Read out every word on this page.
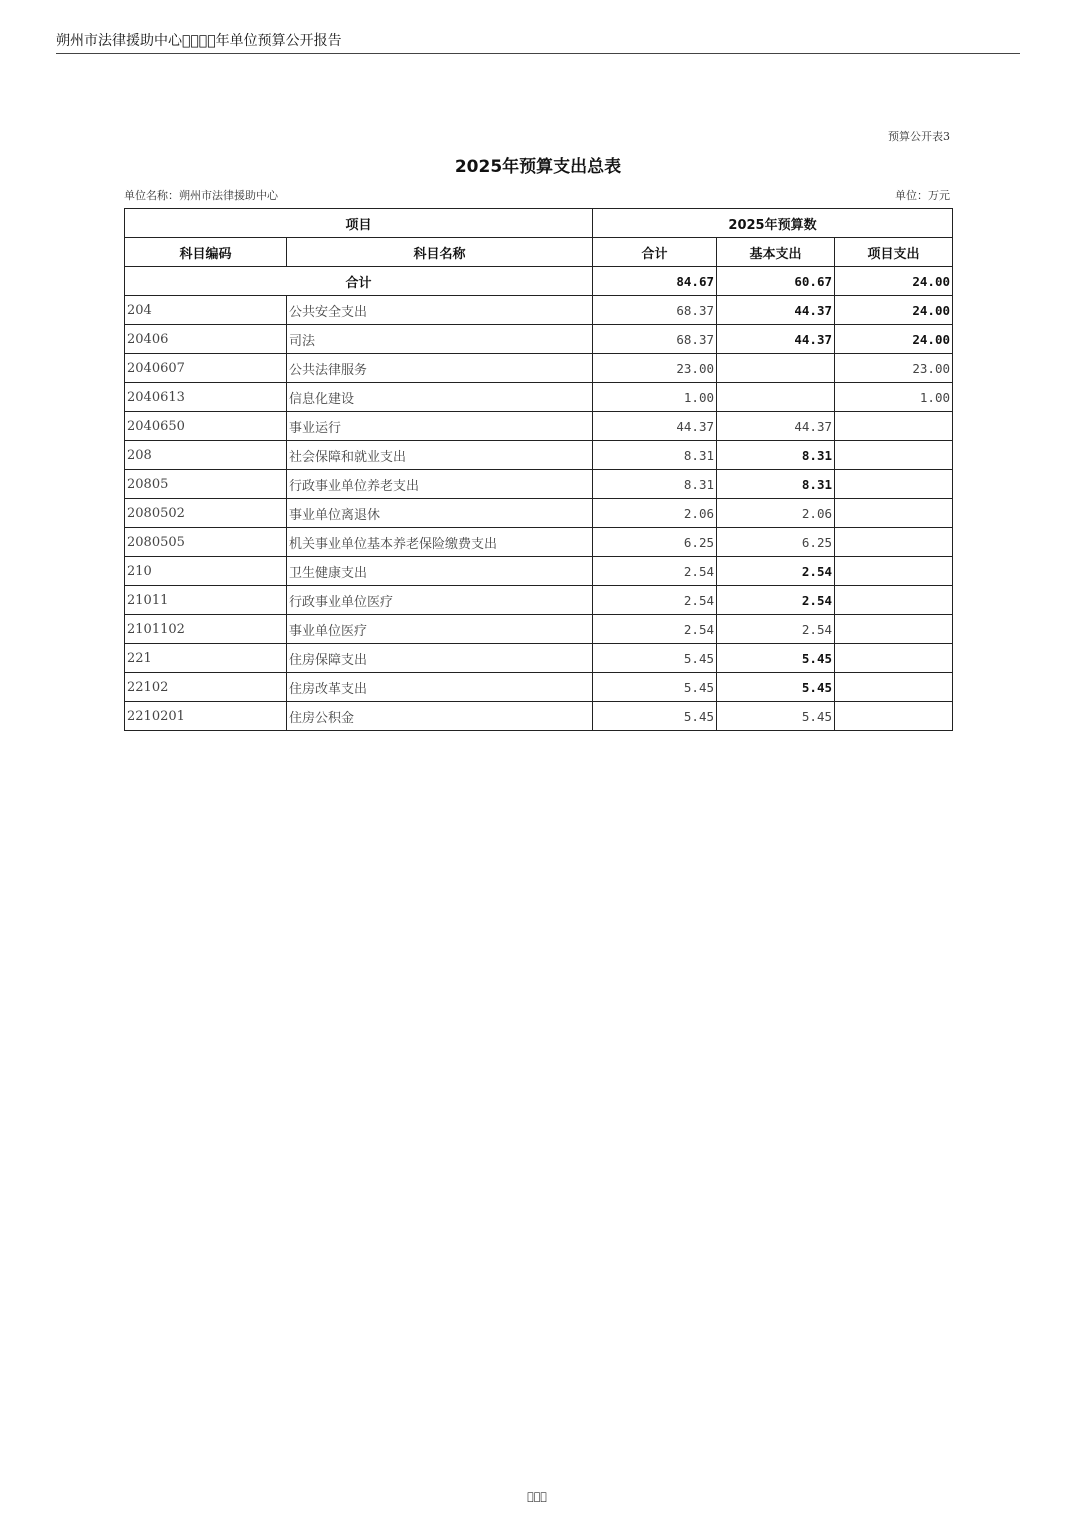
朔州市法律援助中心    年单位预算公开报告
预算公开表3
2025年预算支出总表
单位名称：朔州市法律援助中心	单位：万元
项目		2025年预算数		
科目编码	科目名称	合计	基本支出	项目支出
合计		84.67	60.67	24.00
204	公共安全支出	68.37	44.37	24.00
20406	司法	68.37	44.37	24.00
2040607	公共法律服务	23.00		23.00
2040613	信息化建设	1.00		1.00
2040650	事业运行	44.37	44.37	
208	社会保障和就业支出	8.31	8.31	
20805	行政事业单位养老支出	8.31	8.31	
2080502	事业单位离退休	2.06	2.06	
2080505	机关事业单位基本养老保险缴费支出	6.25	6.25	
210	卫生健康支出	2.54	2.54	
21011	行政事业单位医疗	2.54	2.54	
2101102	事业单位医疗	2.54	2.54	
221	住房保障支出	5.45	5.45	
22102	住房改革支出	5.45	5.45	
2210201	住房公积金	5.45	5.45	
   
